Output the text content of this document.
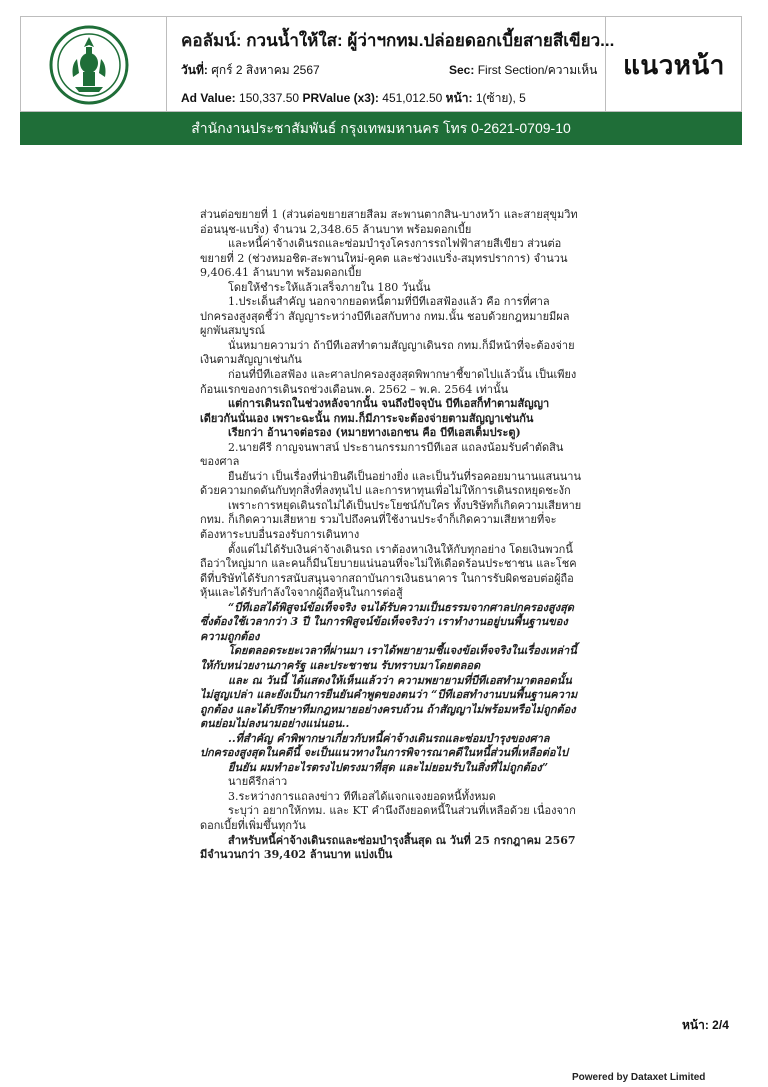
คอลัมน์: กวนน้ำให้ใส: ผู้ว่าฯกทม.ปล่อยดอกเบี้ยสายสีเขียว...
วันที่: ศุกร์ 2 สิงหาคม 2567	Sec: First Section/ความเห็น
Ad Value: 150,337.50 PRValue (x3): 451,012.50 หน้า: 1(ซ้าย), 5
แนวหน้า
สำนักงานประชาสัมพันธ์ กรุงเทพมหานคร โทร 0-2621-0709-10

ส่วนต่อขยายที่ 1 (ส่วนต่อขยายสายสีลม สะพานตากสิน-บางหว้า และสายสุขุมวิท อ่อนนุช-แบริ่ง) จำนวน 2,348.65 ล้านบาท พร้อมดอกเบี้ย

และหนี้ค่าจ้างเดินรถและซ่อมบำรุงโครงการรถไฟฟ้าสายสีเขียว ส่วนต่อขยายที่ 2 (ช่วงหมอชิต-สะพานใหม่-คูคต และช่วงแบริ่ง-สมุทรปราการ) จำนวน 9,406.41 ล้านบาท พร้อมดอกเบี้ย

โดยให้ชำระให้แล้วเสร็จภายใน 180 วันนั้น

1.ประเด็นสำคัญ นอกจากยอดหนี้ตามที่บีทีเอสฟ้องแล้ว คือ การที่ศาลปกครองสูงสุดชี้ว่า สัญญาระหว่างบีทีเอสกับทาง กทม.นั้น ชอบด้วยกฎหมายมีผลผูกพันสมบูรณ์

นั่นหมายความว่า ถ้าบีทีเอสทำตามสัญญาเดินรถ กทม.ก็มีหน้าที่จะต้องจ่ายเงินตามสัญญาเช่นกัน

ก่อนที่บีทีเอสฟ้อง และศาลปกครองสูงสุดพิพากษาชี้ขาดไปแล้วนั้น เป็นเพียงก้อนแรกของการเดินรถช่วงเดือนพ.ค. 2562 – พ.ค. 2564 เท่านั้น

แต่การเดินรถในช่วงหลังจากนั้น จนถึงปัจจุบัน บีทีเอสก็ทำตามสัญญาเดียวกันนั่นเอง เพราะฉะนั้น กทม.ก็มีภาระจะต้องจ่ายตามสัญญาเช่นกัน

เรียกว่า อ้านาจต่อรอง (หมายทางเอกชน คือ บีทีเอสเต็มประตู)

2.นายคีรี กาญจนพาสน์ ประธานกรรมการบีทีเอส แถลงน้อมรับคำตัดสินของศาล

ยืนยันว่า เป็นเรื่องที่น่ายินดีเป็นอย่างยิ่ง และเป็นวันที่รอคอยมานานแสนนาน ด้วยความกดดันกับทุกสิ่งที่ลงทุนไป และการหาทุนเพื่อไม่ให้การเดินรถหยุดชะงัก

เพราะการหยุดเดินรถไม่ได้เป็นประโยชน์กับใคร ทั้งบริษัทก็เกิดความเสียหาย กทม. ก็เกิดความเสียหาย รวมไปถึงคนที่ใช้งานประจำก็เกิดความเสียหายที่จะต้องหาระบบอื่นรองรับการเดินทาง

ตั้งแต่ไม่ได้รับเงินค่าจ้างเดินรถ เราต้องหาเงินให้กับทุกอย่าง โดยเงินพวกนี้ถือว่าใหญ่มาก และคนก็มีนโยบายแน่นอนที่จะไม่ให้เดือดร้อนประชาชน และโชคดีที่บริษัทได้รับการสนับสนุนจากสถาบันการเงินธนาคาร ในการรับผิดชอบต่อผู้ถือหุ้นและได้รับกำลังใจจากผู้ถือหุ้นในการต่อสู้

“บีทีเอสได้พิสูจน์ข้อเท็จจริง จนได้รับความเป็นธรรมจากศาลปกครองสูงสุด ซึ่งต้องใช้เวลากว่า 3 ปี ในการพิสูจน์ข้อเท็จจริงว่า เราทำงานอยู่บนพื้นฐานของความถูกต้อง

โดยตลอดระยะเวลาที่ผ่านมา เราได้พยายามชี้แจงข้อเท็จจริงในเรื่องเหล่านี้ ให้กับหน่วยงานภาครัฐ และประชาชน รับทราบมาโดยตลอด

และ ณ วันนี้ ได้แสดงให้เห็นแล้วว่า ความพยายามที่บีทีเอสทำมาตลอดนั้นไม่สูญเปล่า และยังเป็นการยืนยันคำพูดของตนว่า “บีทีเอสทำงานบนพื้นฐานความถูกต้อง และได้ปรึกษาทีมกฎหมายอย่างครบถ้วน ถ้าสัญญาไม่พร้อมหรือไม่ถูกต้อง ตนย่อมไม่ลงนามอย่างแน่นอน..

..ที่สำคัญ คำพิพากษาเกี่ยวกับหนี้ค่าจ้างเดินรถและซ่อมบำรุงของศาลปกครองสูงสุดในคดีนี้ จะเป็นแนวทางในการพิจารณาคดีในหนี้ส่วนที่เหลือต่อไป

ยืนยัน ผมทำอะไรตรงไปตรงมาที่สุด และไม่ยอมรับในสิ่งที่ไม่ถูกต้อง”

นายคีรีกล่าว

3.ระหว่างการแถลงข่าว ทีทีเอสได้แจกแจงยอดหนี้ทั้งหมด

ระบุว่า อยากให้กทม. และ KT คำนึงถึงยอดหนี้ในส่วนที่เหลือด้วย เนื่องจากดอกเบี้ยที่เพิ่มขึ้นทุกวัน

สำหรับหนี้ค่าจ้างเดินรถและซ่อมบำรุงสิ้นสุด ณ วันที่ 25 กรกฎาคม 2567 มีจำนวนกว่า 39,402 ล้านบาท แบ่งเป็น

หน้า: 2/4
Powered by Dataxet Limited
